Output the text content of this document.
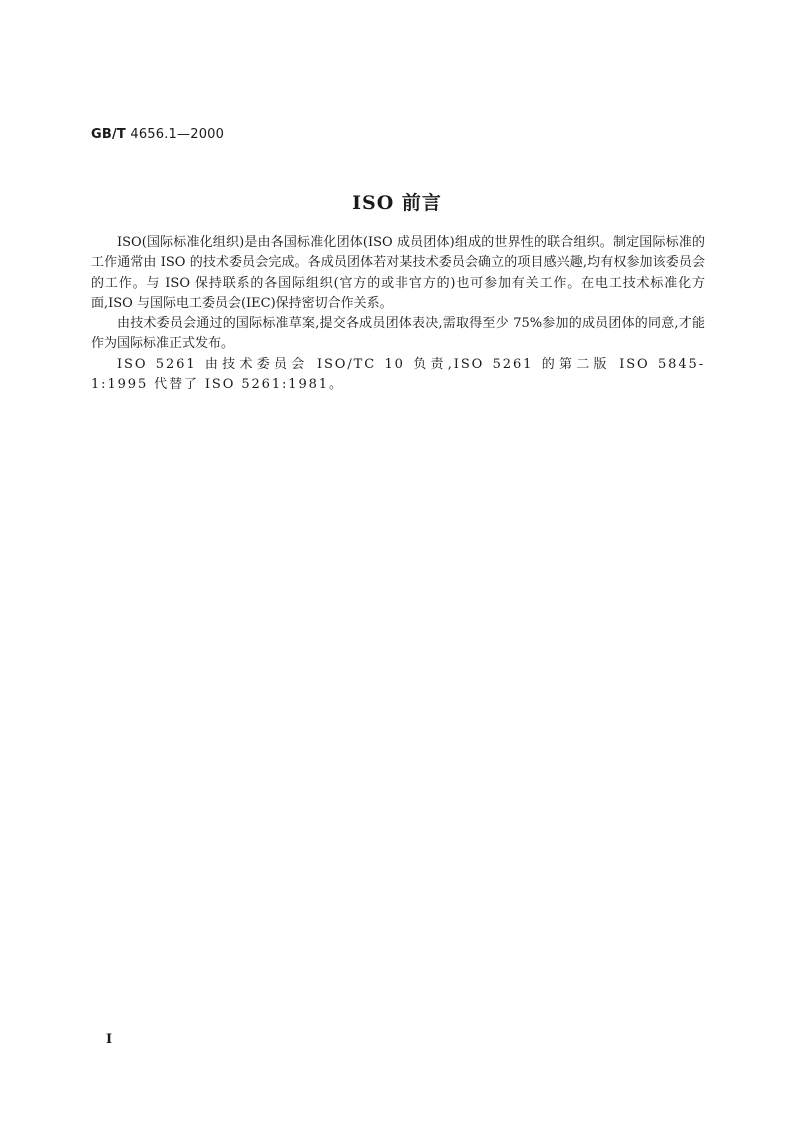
GB/T 4656.1—2000
ISO 前言

ISO(国际标准化组织)是由各国标准化团体(ISO 成员团体)组成的世界性的联合组织。制定国际标准的工作通常由 ISO 的技术委员会完成。各成员团体若对某技术委员会确立的项目感兴趣,均有权参加该委员会的工作。与 ISO 保持联系的各国际组织(官方的或非官方的)也可参加有关工作。在电工技术标准化方面,ISO 与国际电工委员会(IEC)保持密切合作关系。

由技术委员会通过的国际标准草案,提交各成员团体表决,需取得至少 75%参加的成员团体的同意,才能作为国际标准正式发布。

ISO 5261 由技术委员会 ISO/TC 10 负责,ISO 5261 的第二版 ISO 5845-1:1995 代替了 ISO 5261:1981。

I
